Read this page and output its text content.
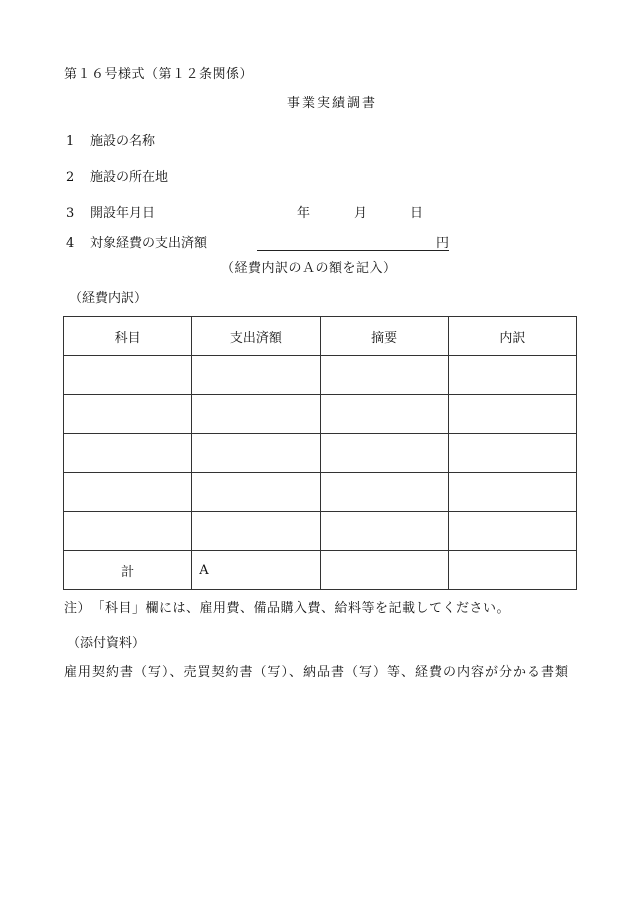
第１６号様式（第１２条関係）
事業実績調書
1 施設の名称
2 施設の所在地
3 開設年月日	年	月	日
4 対象経費の支出済額	円
（経費内訳のＡの額を記入）
（経費内訳）
科目	支出済額	摘要	内訳

計	A		
注）　「科目」欄には、雇用費、備品購入費、給料等を記載してください。
（添付資料）
雇用契約書（写）、売買契約書（写）、納品書（写）等、経費の内容が分かる書類
